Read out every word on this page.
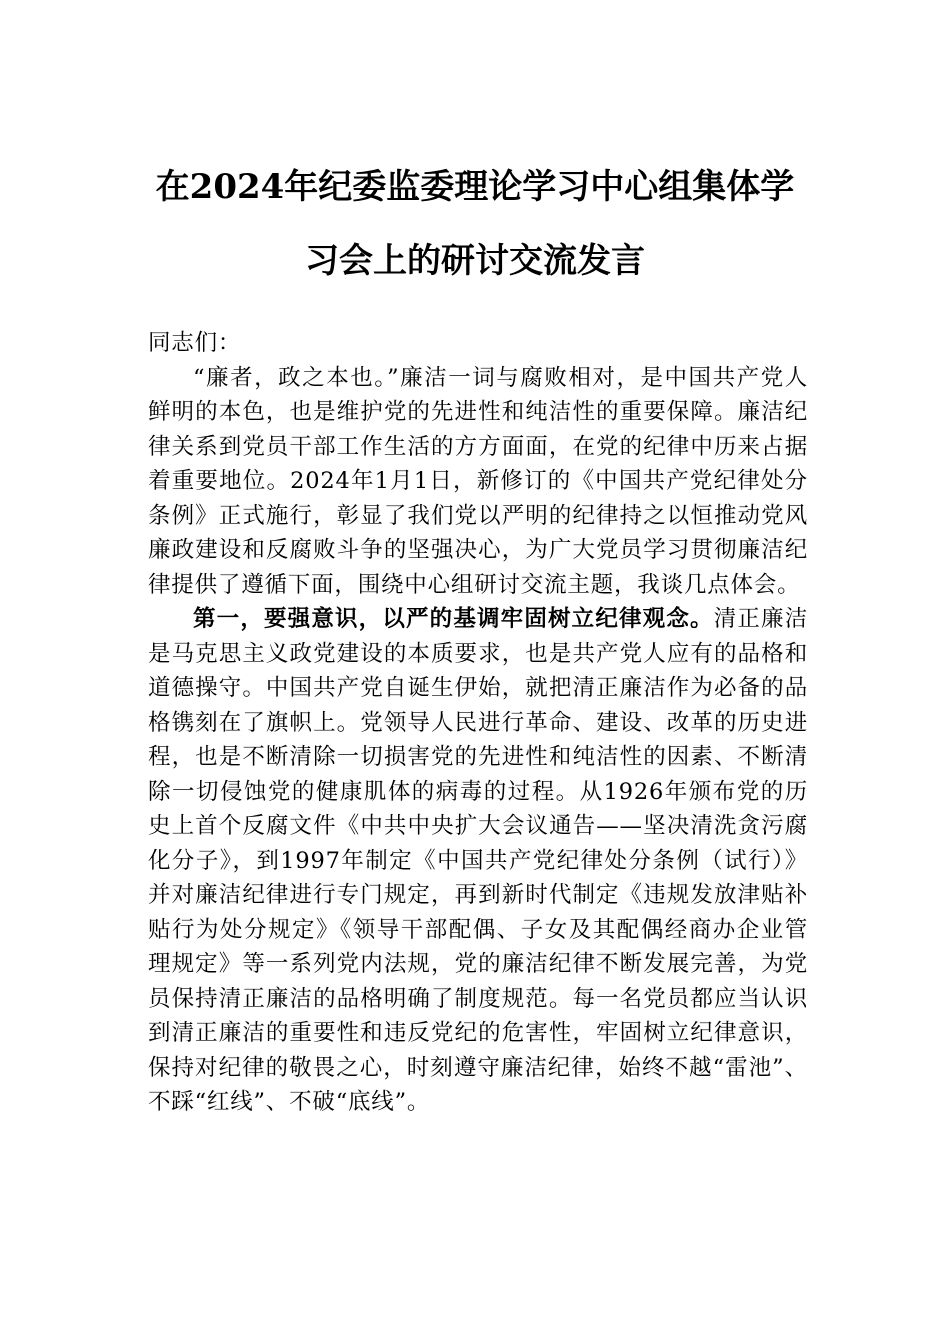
在2024年纪委监委理论学习中心组集体学
习会上的研讨交流发言

同志们：

“廉者，政之本也。”廉洁一词与腐败相对，是中国共产党人鲜明的本色，也是维护党的先进性和纯洁性的重要保障。廉洁纪律关系到党员干部工作生活的方方面面，在党的纪律中历来占据着重要地位。2024年1月1日，新修订的《中国共产党纪律处分条例》正式施行，彰显了我们党以严明的纪律持之以恒推动党风廉政建设和反腐败斗争的坚强决心，为广大党员学习贯彻廉洁纪律提供了遵循下面，围绕中心组研讨交流主题，我谈几点体会。

第一，要强意识，以严的基调牢固树立纪律观念。清正廉洁是马克思主义政党建设的本质要求，也是共产党人应有的品格和道德操守。中国共产党自诞生伊始，就把清正廉洁作为必备的品格镌刻在了旗帜上。党领导人民进行革命、建设、改革的历史进程，也是不断清除一切损害党的先进性和纯洁性的因素、不断清除一切侵蚀党的健康肌体的病毒的过程。从1926年颁布党的历史上首个反腐文件《中共中央扩大会议通告——坚决清洗贪污腐化分子》，到1997年制定《中国共产党纪律处分条例（试行）》并对廉洁纪律进行专门规定，再到新时代制定《违规发放津贴补贴行为处分规定》《领导干部配偶、子女及其配偶经商办企业管理规定》等一系列党内法规，党的廉洁纪律不断发展完善，为党员保持清正廉洁的品格明确了制度规范。每一名党员都应当认识到清正廉洁的重要性和违反党纪的危害性，牢固树立纪律意识，保持对纪律的敬畏之心，时刻遵守廉洁纪律，始终不越“雷池”、不踩“红线”、不破“底线”。
